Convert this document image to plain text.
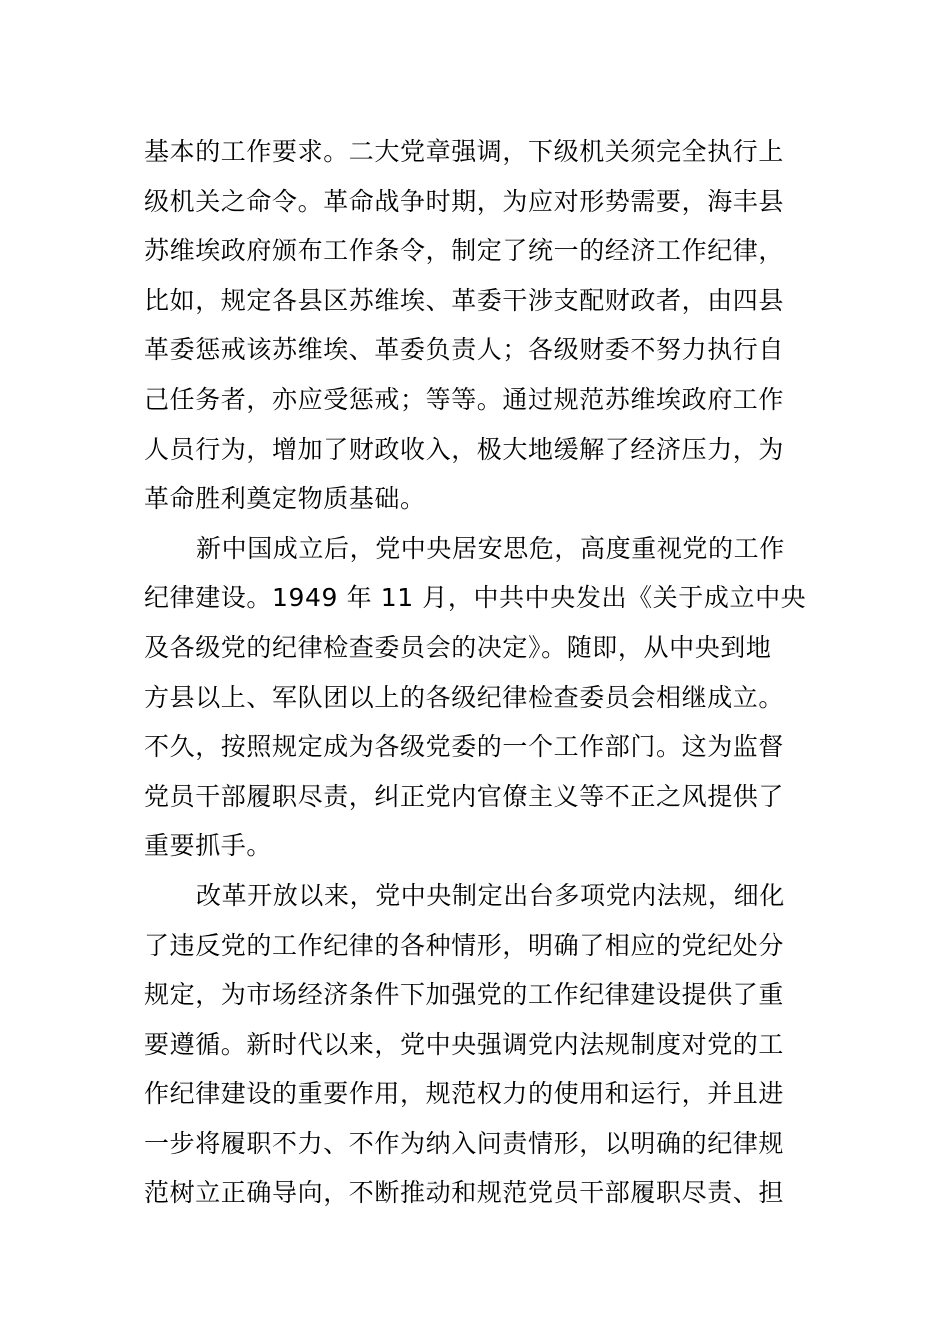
基本的工作要求。二大党章强调，下级机关须完全执行上
级机关之命令。革命战争时期，为应对形势需要，海丰县
苏维埃政府颁布工作条令，制定了统一的经济工作纪律，
比如，规定各县区苏维埃、革委干涉支配财政者，由四县
革委惩戒该苏维埃、革委负责人；各级财委不努力执行自
己任务者，亦应受惩戒；等等。通过规范苏维埃政府工作
人员行为，增加了财政收入，极大地缓解了经济压力，为
革命胜利奠定物质基础。
新中国成立后，党中央居安思危，高度重视党的工作
纪律建设。1949 年 11 月，中共中央发出《关于成立中央
及各级党的纪律检查委员会的决定》。随即，从中央到地
方县以上、军队团以上的各级纪律检查委员会相继成立。
不久，按照规定成为各级党委的一个工作部门。这为监督
党员干部履职尽责，纠正党内官僚主义等不正之风提供了
重要抓手。
改革开放以来，党中央制定出台多项党内法规，细化
了违反党的工作纪律的各种情形，明确了相应的党纪处分
规定，为市场经济条件下加强党的工作纪律建设提供了重
要遵循。新时代以来，党中央强调党内法规制度对党的工
作纪律建设的重要作用，规范权力的使用和运行，并且进
一步将履职不力、不作为纳入问责情形，以明确的纪律规
范树立正确导向，不断推动和规范党员干部履职尽责、担
